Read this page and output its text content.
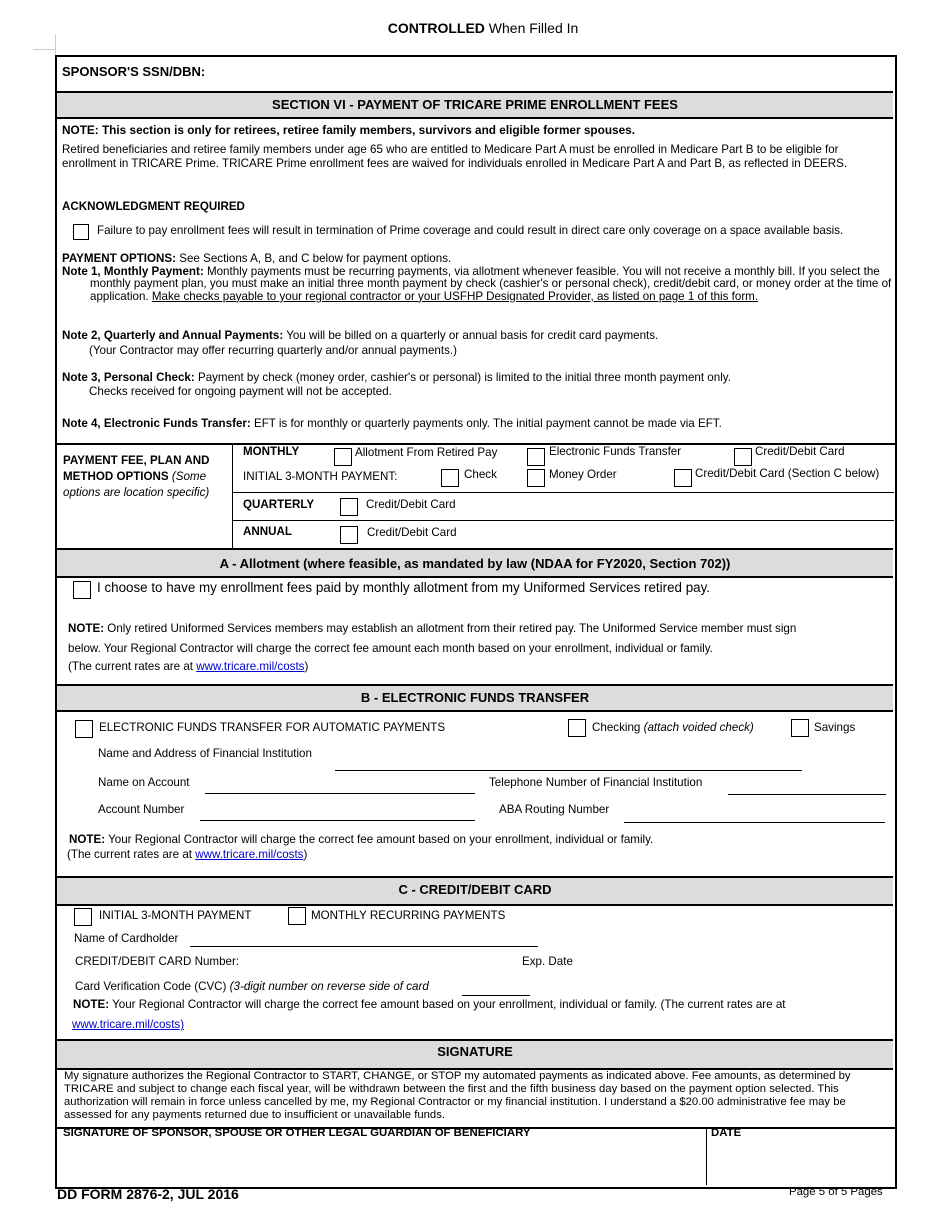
CONTROLLED When Filled In
SPONSOR'S SSN/DBN:
SECTION VI - PAYMENT OF TRICARE PRIME ENROLLMENT FEES
NOTE: This section is only for retirees, retiree family members, survivors and eligible former spouses.
Retired beneficiaries and retiree family members under age 65 who are entitled to Medicare Part A must be enrolled in Medicare Part B to be eligible for enrollment in TRICARE Prime. TRICARE Prime enrollment fees are waived for individuals enrolled in Medicare Part A and Part B, as reflected in DEERS.
ACKNOWLEDGMENT REQUIRED
Failure to pay enrollment fees will result in termination of Prime coverage and could result in direct care only coverage on a space available basis.
PAYMENT OPTIONS: See Sections A, B, and C below for payment options.
Note 1, Monthly Payment: Monthly payments must be recurring payments, via allotment whenever feasible. You will not receive a monthly bill. If you select the monthly payment plan, you must make an initial three month payment by check (cashier's or personal check), credit/debit card, or money order at the time of application. Make checks payable to your regional contractor or your USFHP Designated Provider, as listed on page 1 of this form.
Note 2, Quarterly and Annual Payments: You will be billed on a quarterly or annual basis for credit card payments.
(Your Contractor may offer recurring quarterly and/or annual payments.)
Note 3, Personal Check: Payment by check (money order, cashier's or personal) is limited to the initial three month payment only.
Checks received for ongoing payment will not be accepted.
Note 4, Electronic Funds Transfer: EFT is for monthly or quarterly payments only. The initial payment cannot be made via EFT.
PAYMENT FEE, PLAN AND METHOD OPTIONS (Some options are location specific)
MONTHLY	Allotment From Retired Pay	Electronic Funds Transfer	Credit/Debit Card
INITIAL 3-MONTH PAYMENT:	Check	Money Order	Credit/Debit Card (Section C below)
QUARTERLY	Credit/Debit Card
ANNUAL	Credit/Debit Card
A - Allotment (where feasible, as mandated by law (NDAA for FY2020, Section 702))
I choose to have my enrollment fees paid by monthly allotment from my Uniformed Services retired pay.
NOTE: Only retired Uniformed Services members may establish an allotment from their retired pay. The Uniformed Service member must sign
below. Your Regional Contractor will charge the correct fee amount each month based on your enrollment, individual or family.
(The current rates are at www.tricare.mil/costs)
B - ELECTRONIC FUNDS TRANSFER
ELECTRONIC FUNDS TRANSFER FOR AUTOMATIC PAYMENTS	Checking (attach voided check)	Savings
Name and Address of Financial Institution
Name on Account	Telephone Number of Financial Institution
Account Number	ABA Routing Number
NOTE: Your Regional Contractor will charge the correct fee amount based on your enrollment, individual or family.
(The current rates are at www.tricare.mil/costs)
C - CREDIT/DEBIT CARD
INITIAL 3-MONTH PAYMENT	MONTHLY RECURRING PAYMENTS
Name of Cardholder
CREDIT/DEBIT CARD Number:	Exp. Date
Card Verification Code (CVC) (3-digit number on reverse side of card
NOTE: Your Regional Contractor will charge the correct fee amount based on your enrollment, individual or family. (The current rates are at
www.tricare.mil/costs)
SIGNATURE
My signature authorizes the Regional Contractor to START, CHANGE, or STOP my automated payments as indicated above. Fee amounts, as determined by TRICARE and subject to change each fiscal year, will be withdrawn between the first and the fifth business day based on the payment option selected. This authorization will remain in force unless cancelled by me, my Regional Contractor or my financial institution. I understand a $20.00 administrative fee may be assessed for any payments returned due to insufficient or unavailable funds.
SIGNATURE OF SPONSOR, SPOUSE OR OTHER LEGAL GUARDIAN OF BENEFICIARY	DATE
DD FORM 2876-2, JUL 2016	Page 5 of 5 Pages
